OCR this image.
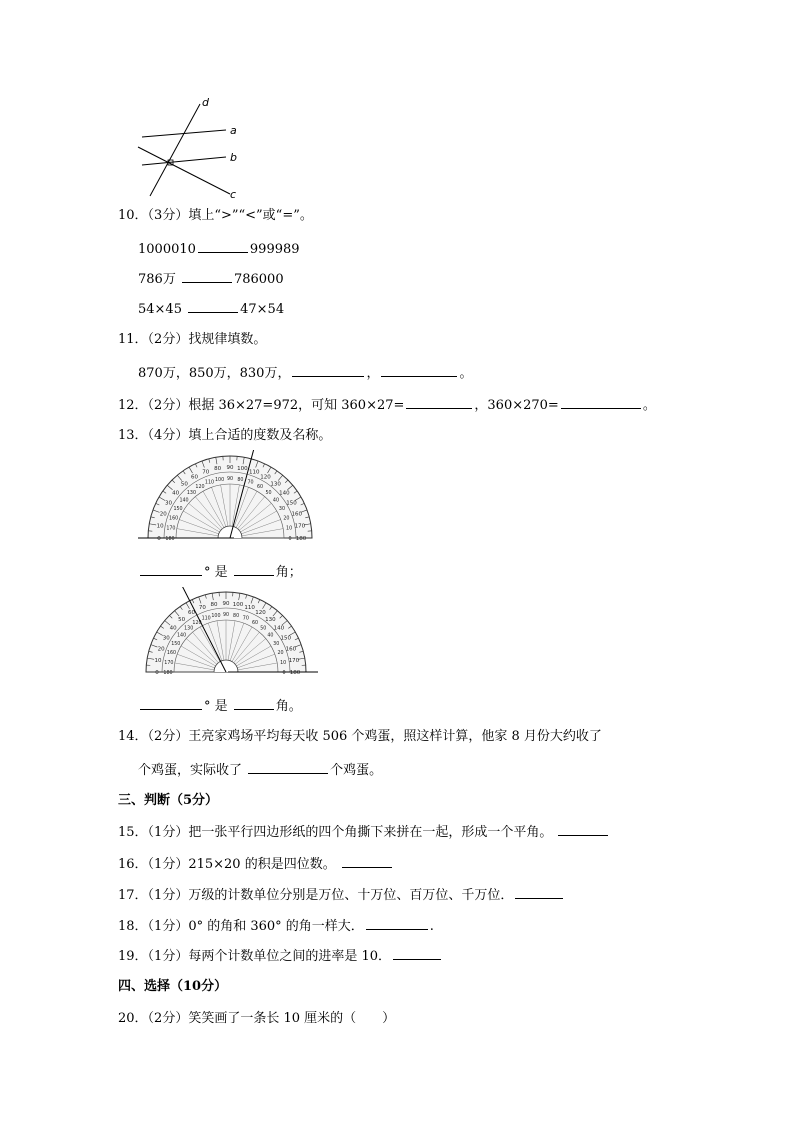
d
a
b
c
10．（3分）填上“>”“<”或“=”。
1000010	999989
786万	786000
54×45	47×54
11．（2分）找规律填数。
870万，850万，830万，	，	。
12．（2分）根据 36×27=972，可知 360×27=	，360×270=	。
13．（4分）填上合适的度数及名称。
0
10
20
30
40
50
60
70
80 90 100
110
120
130
140
150
160
170
180
180
170
160
150
140
130
120
110
100 90 80
70
60
50
40
30
20
10
0
° 是	角；
0
10
20
30
40
50
60
70
80 90 100
110
120
130
140
150
160
170
180
180
170
160
150
140
130
120
110
100 90 80
70
60
50
40
30
20
10
0
° 是	角。
14．（2分）王亮家鸡场平均每天收 506 个鸡蛋，照这样计算，他家 8 月份大约收了
个鸡蛋，实际收了	个鸡蛋。
三、判断（5分）
15．（1分）把一张平行四边形纸的四个角撕下来拼在一起，形成一个平角。
16．（1分）215×20 的积是四位数。
17．（1分）万级的计数单位分别是万位、十万位、百万位、千万位．
18．（1分）0° 的角和 360° 的角一样大．	.
19．（1分）每两个计数单位之间的进率是 10．
四、选择（10分）
20．（2分）笑笑画了一条长 10 厘米的（　　）
